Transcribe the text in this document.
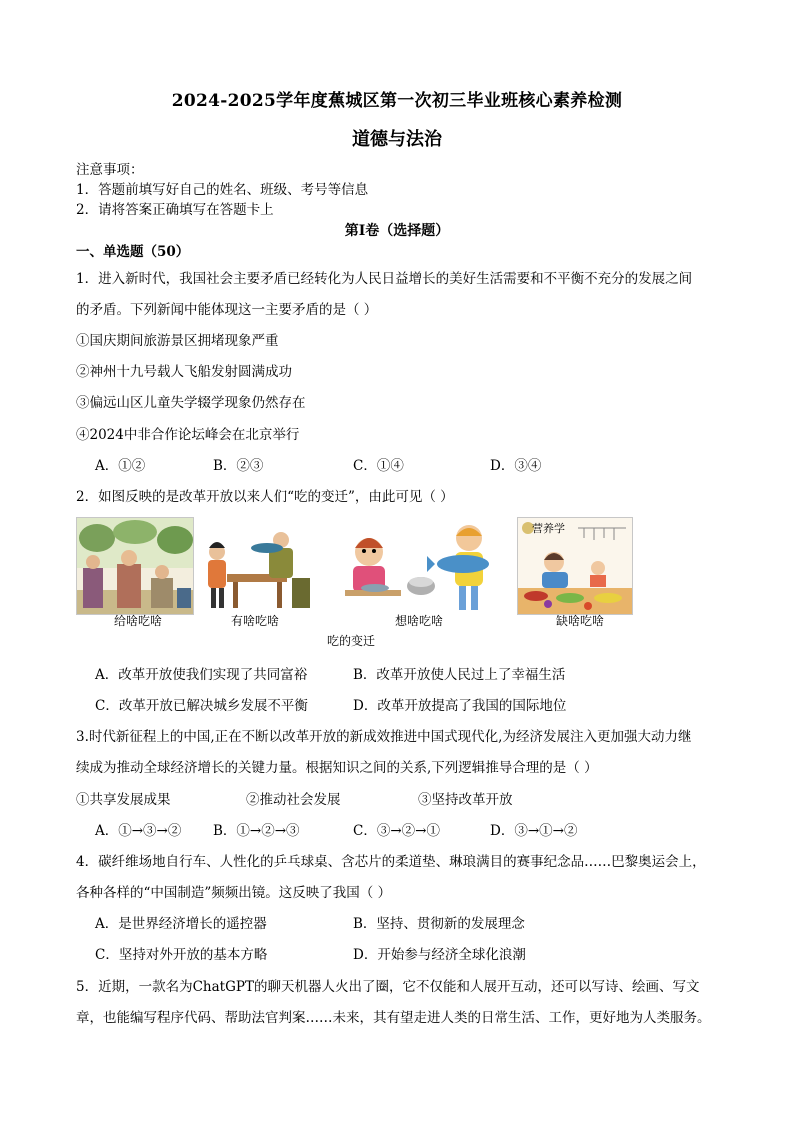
2024-2025学年度蕉城区第一次初三毕业班核心素养检测
道德与法治
注意事项：
1．答题前填写好自己的姓名、班级、考号等信息
2．请将答案正确填写在答题卡上
第I卷（选择题）
一、单选题（50）
1．进入新时代，我国社会主要矛盾已经转化为人民日益增长的美好生活需要和不平衡不充分的发展之间
的矛盾。下列新闻中能体现这一主要矛盾的是（ ）
①国庆期间旅游景区拥堵现象严重
②神州十九号载人飞船发射圆满成功
③偏远山区儿童失学辍学现象仍然存在
④2024中非合作论坛峰会在北京举行
A．①②	B．②③	C．①④	D．③④
2．如图反映的是改革开放以来人们“吃的变迁”，由此可见（ ）
营养学
给啥吃啥	有啥吃啥	想啥吃啥	缺啥吃啥
吃的变迁
A．改革开放使我们实现了共同富裕	B．改革开放使人民过上了幸福生活
C．改革开放已解决城乡发展不平衡	D．改革开放提高了我国的国际地位
3.时代新征程上的中国,正在不断以改革开放的新成效推进中国式现代化,为经济发展注入更加强大动力继
续成为推动全球经济增长的关键力量。根据知识之间的关系,下列逻辑推导合理的是（ ）
①共享发展成果	②推动社会发展	③坚持改革开放
A．①→③→② B．①→②→③	C．③→②→①	D．③→①→②
4．碳纤维场地自行车、人性化的乒乓球桌、含芯片的柔道垫、琳琅满目的赛事纪念品……巴黎奥运会上，
各种各样的“中国制造”频频出镜。这反映了我国（ ）
A．是世界经济增长的遥控器	B．坚持、贯彻新的发展理念
C．坚持对外开放的基本方略	D．开始参与经济全球化浪潮
5．近期，一款名为ChatGPT的聊天机器人火出了圈，它不仅能和人展开互动，还可以写诗、绘画、写文
章，也能编写程序代码、帮助法官判案……未来，其有望走进人类的日常生活、工作，更好地为人类服务。
